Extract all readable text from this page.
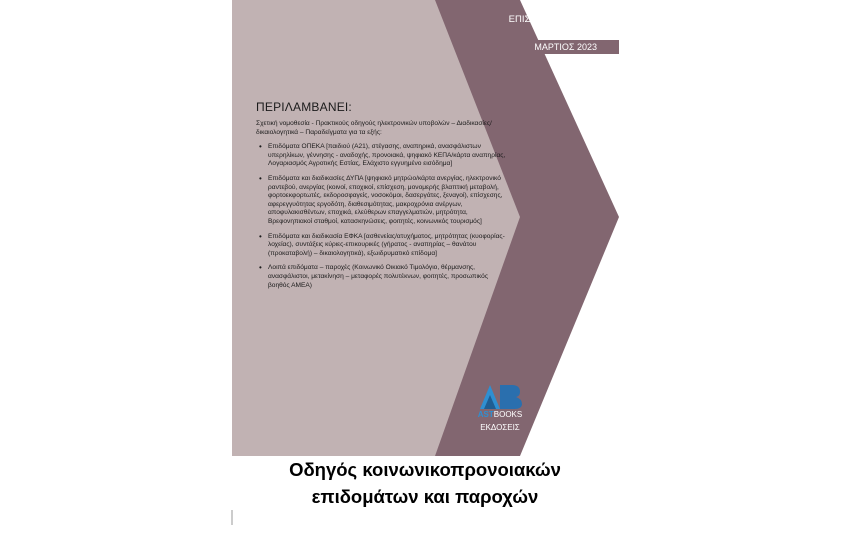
ΕΠΙΣΤΗΜΟΝΙΚΗ ΟΜΑΔΑ
ASTBOOKS
ΜΑΡΤΙΟΣ 2023

ΠΕΡΙΛΑΜΒΑΝΕΙ:

Σχετική νομοθεσία - Πρακτικούς οδηγούς ηλεκτρονικών υποβολών – Διαδικασίες/δικαιολογητικά – Παραδείγματα για τα εξής:

• Επιδόματα ΟΠΕΚΑ [παιδιού (Α21), στέγασης, αναπηρικά, ανασφάλιστων υπερηλίκων, γέννησης - αναδοχής, προνοιακά, ψηφιακό ΚΕΠΑ/κάρτα αναπηρίας, Λογαριασμός Αγροτικής Εστίας, Ελάχιστο εγγυημένο εισόδημα]
• Επιδόματα και διαδικασίες ΔΥΠΑ [ψηφιακό μητρώο/κάρτα ανεργίας, ηλεκτρονικό ραντεβού, ανεργίας (κοινοί, εποχικοί, επίσχεση, μονομερής βλαπτική μεταβολή, φορτοεκφορτωτές, εκδοροσφαγείς, νοσοκόμοι, δασεργάτες, ξεναγοί), επίσχεσης, αφερεγγυότητας εργοδότη, διαθεσιμότητας, μακροχρόνια ανέργων, αποφυλακισθέντων, εποχικά, ελεύθερων επαγγελματιών, μητρότητα, Βρεφονηπιακοί σταθμοί, κατασκηνώσεις, φοιτητές, κοινωνικός τουρισμός]
• Επιδόματα και διαδικασία ΕΦΚΑ [ασθενείας/ατυχήματος, μητρότητας (κυοφορίας-λοχείας), συντάξεις κύριες-επικουρικές (γήρατος - αναπηρίας – θανάτου (προκαταβολή) – δικαιολογητικά), εξωιδρυματικό επίδομα]
• Λοιπά επιδόματα – παροχές (Κοινωνικό Οικιακό Τιμολόγιο, θέρμανσης, ανασφάλιστοι, μετακίνηση – μεταφορές πολυτέκνων, φοιτητές, προσωπικός βοηθός ΑΜΕΑ)
ASTBOOKS
ΕΚΔΟΣΕΙΣ
Οδηγός κοινωνικοπρονοιακών
επιδομάτων και παροχών
